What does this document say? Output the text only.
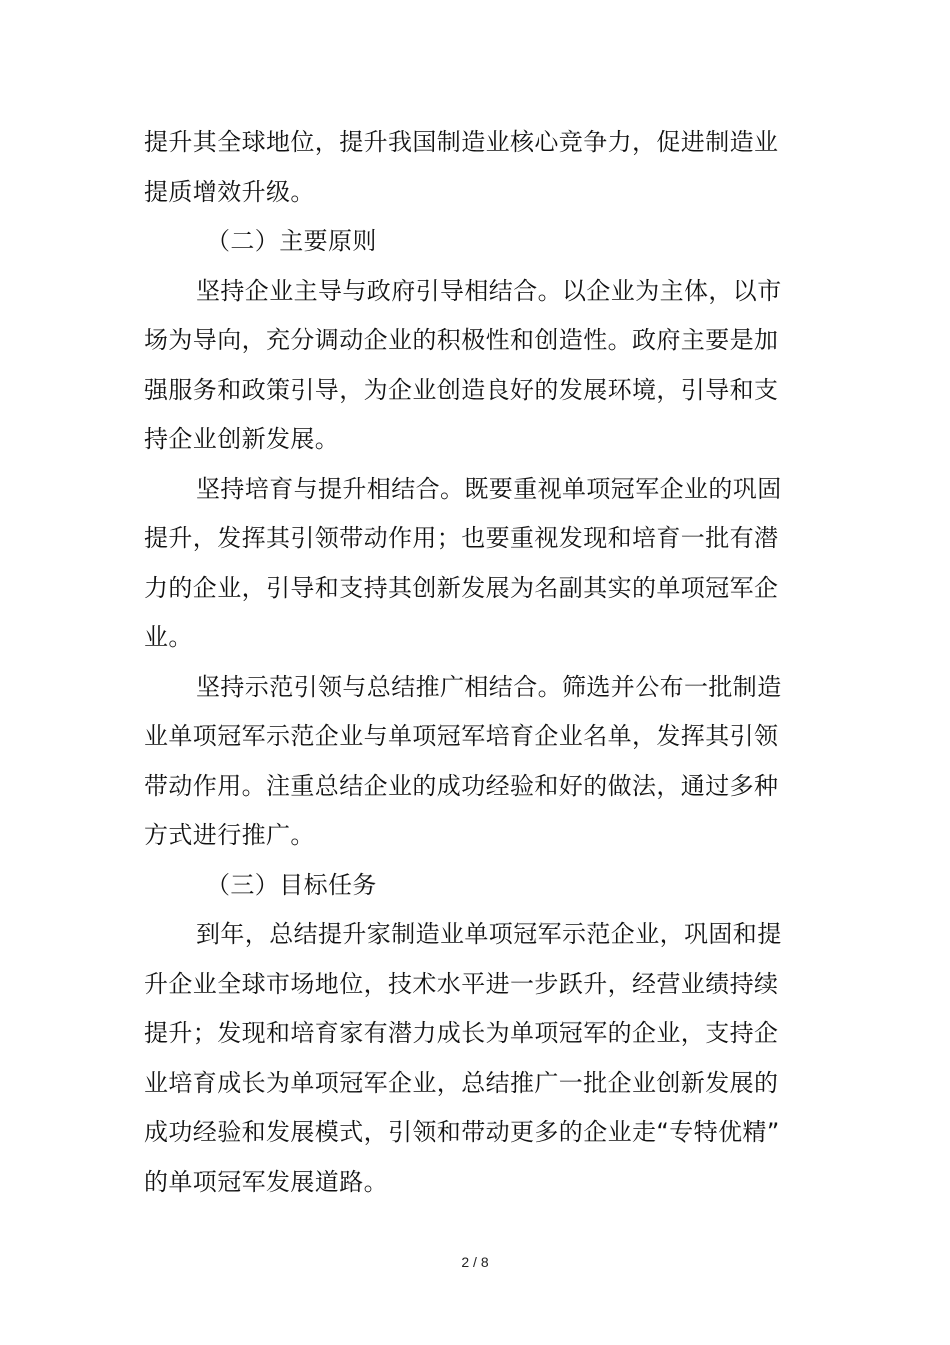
提升其全球地位，提升我国制造业核心竞争力，促进制造业
提质增效升级。
（二）主要原则
坚持企业主导与政府引导相结合。以企业为主体，以市
场为导向，充分调动企业的积极性和创造性。政府主要是加
强服务和政策引导，为企业创造良好的发展环境，引导和支
持企业创新发展。
坚持培育与提升相结合。既要重视单项冠军企业的巩固
提升，发挥其引领带动作用；也要重视发现和培育一批有潜
力的企业，引导和支持其创新发展为名副其实的单项冠军企
业。
坚持示范引领与总结推广相结合。筛选并公布一批制造
业单项冠军示范企业与单项冠军培育企业名单，发挥其引领
带动作用。注重总结企业的成功经验和好的做法，通过多种
方式进行推广。
（三）目标任务
到年，总结提升家制造业单项冠军示范企业，巩固和提
升企业全球市场地位，技术水平进一步跃升，经营业绩持续
提升；发现和培育家有潜力成长为单项冠军的企业，支持企
业培育成长为单项冠军企业，总结推广一批企业创新发展的
成功经验和发展模式，引领和带动更多的企业走“专特优精”
的单项冠军发展道路。
2 / 8
